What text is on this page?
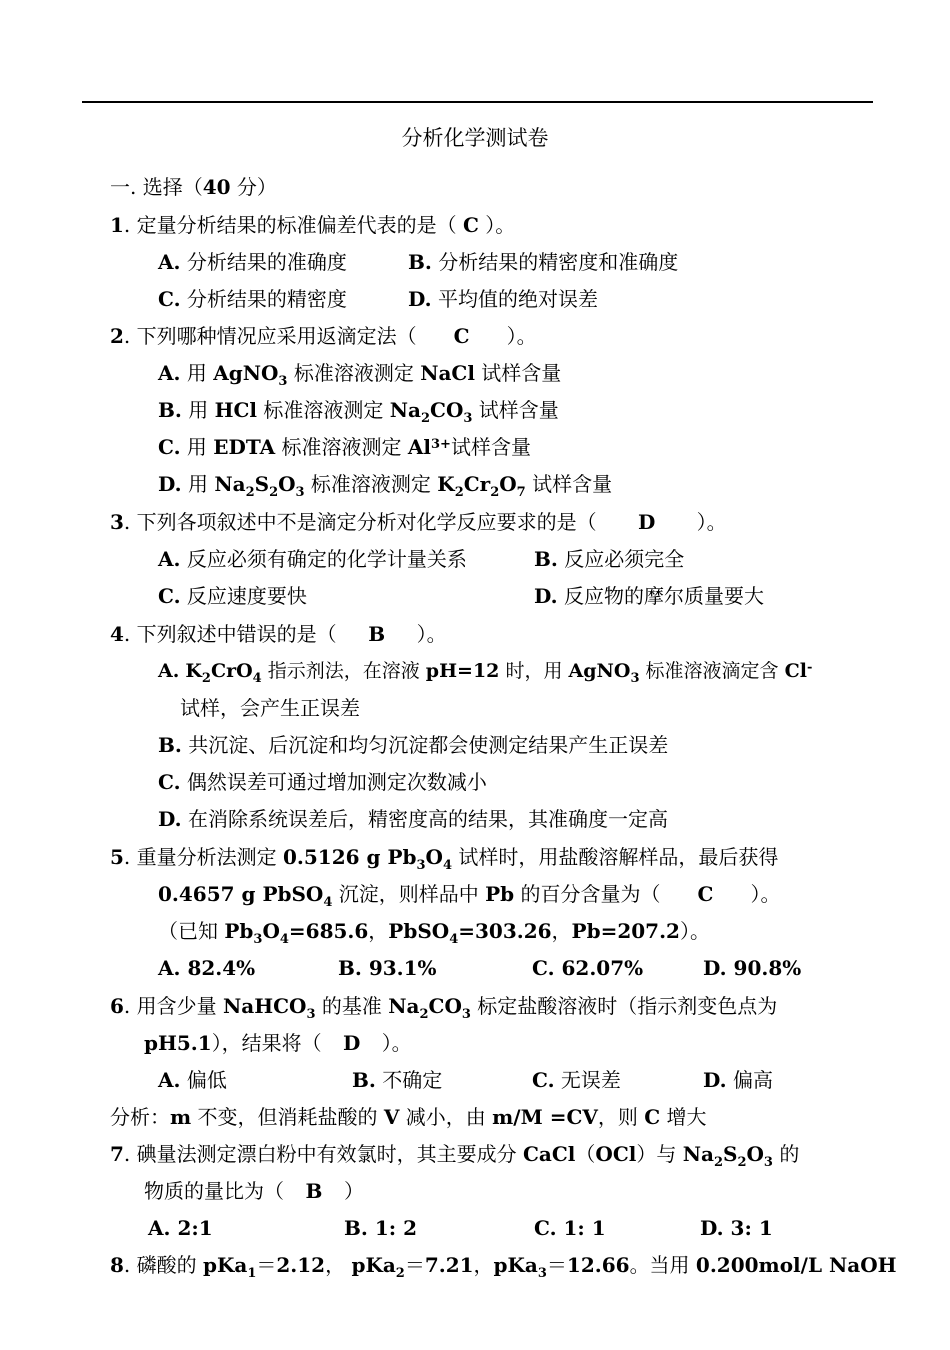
分析化学测试卷
一. 选择（40 分）
1. 定量分析结果的标准偏差代表的是（ C ）。
A. 分析结果的准确度	B. 分析结果的精密度和准确度
C. 分析结果的精密度	D. 平均值的绝对误差
2. 下列哪种情况应采用返滴定法（ C ）。
A. 用 AgNO$_3$ 标准溶液测定 NaCl 试样含量
B. 用 HCl 标准溶液测定 $Na_2CO_3$ 试样含量
C. 用 EDTA 标准溶液测定 $Al^{3+}$试样含量
D. 用 $Na_2S_2O_3$ 标准溶液测定 $K_2Cr_2O_7$ 试样含量
3. 下列各项叙述中不是滴定分析对化学反应要求的是（ D ）。
A. 反应必须有确定的化学计量关系	B. 反应必须完全
C. 反应速度要快	D. 反应物的摩尔质量要大
4. 下列叙述中错误的是（ B ）。
A. $K_2CrO_4$ 指示剂法，在溶液 pH=12 时，用 AgNO$_3$ 标准溶液滴定含 Cl-
试样，会产生正误差
B. 共沉淀、后沉淀和均匀沉淀都会使测定结果产生正误差
C. 偶然误差可通过增加测定次数减小
D. 在消除系统误差后，精密度高的结果，其准确度一定高
5. 重量分析法测定 0.5126 g $Pb_3O_4$ 试样时，用盐酸溶解样品，最后获得
0.4657 g PbSO$_4$ 沉淀，则样品中 Pb 的百分含量为（ C ）。
（已知 $Pb_3O_4=685.6$，PbSO$_4$=303.26，Pb=207.2）。
A. 82.4%	B. 93.1%	C. 62.07%	D. 90.8%
6. 用含少量 NaHCO$_3$ 的基准 $Na_2CO_3$ 标定盐酸溶液时（指示剂变色点为
pH5.1），结果将（ D ）。
A. 偏低	B. 不确定	C. 无误差	D. 偏高
分析：m 不变，但消耗盐酸的 V 减小，由 m/M =CV，则 C 增大
7. 碘量法测定漂白粉中有效氯时，其主要成分 CaCl（OCl）与 $Na_2S_2O_3$ 的
物质的量比为（ B ）
A. 2:1	B. 1: 2	C. 1: 1	D. 3: 1
8. 磷酸的 pKa$_1$＝2.12， pKa$_2$＝7.21，pKa$_3$＝12.66。当用 0.200mol/L NaOH
